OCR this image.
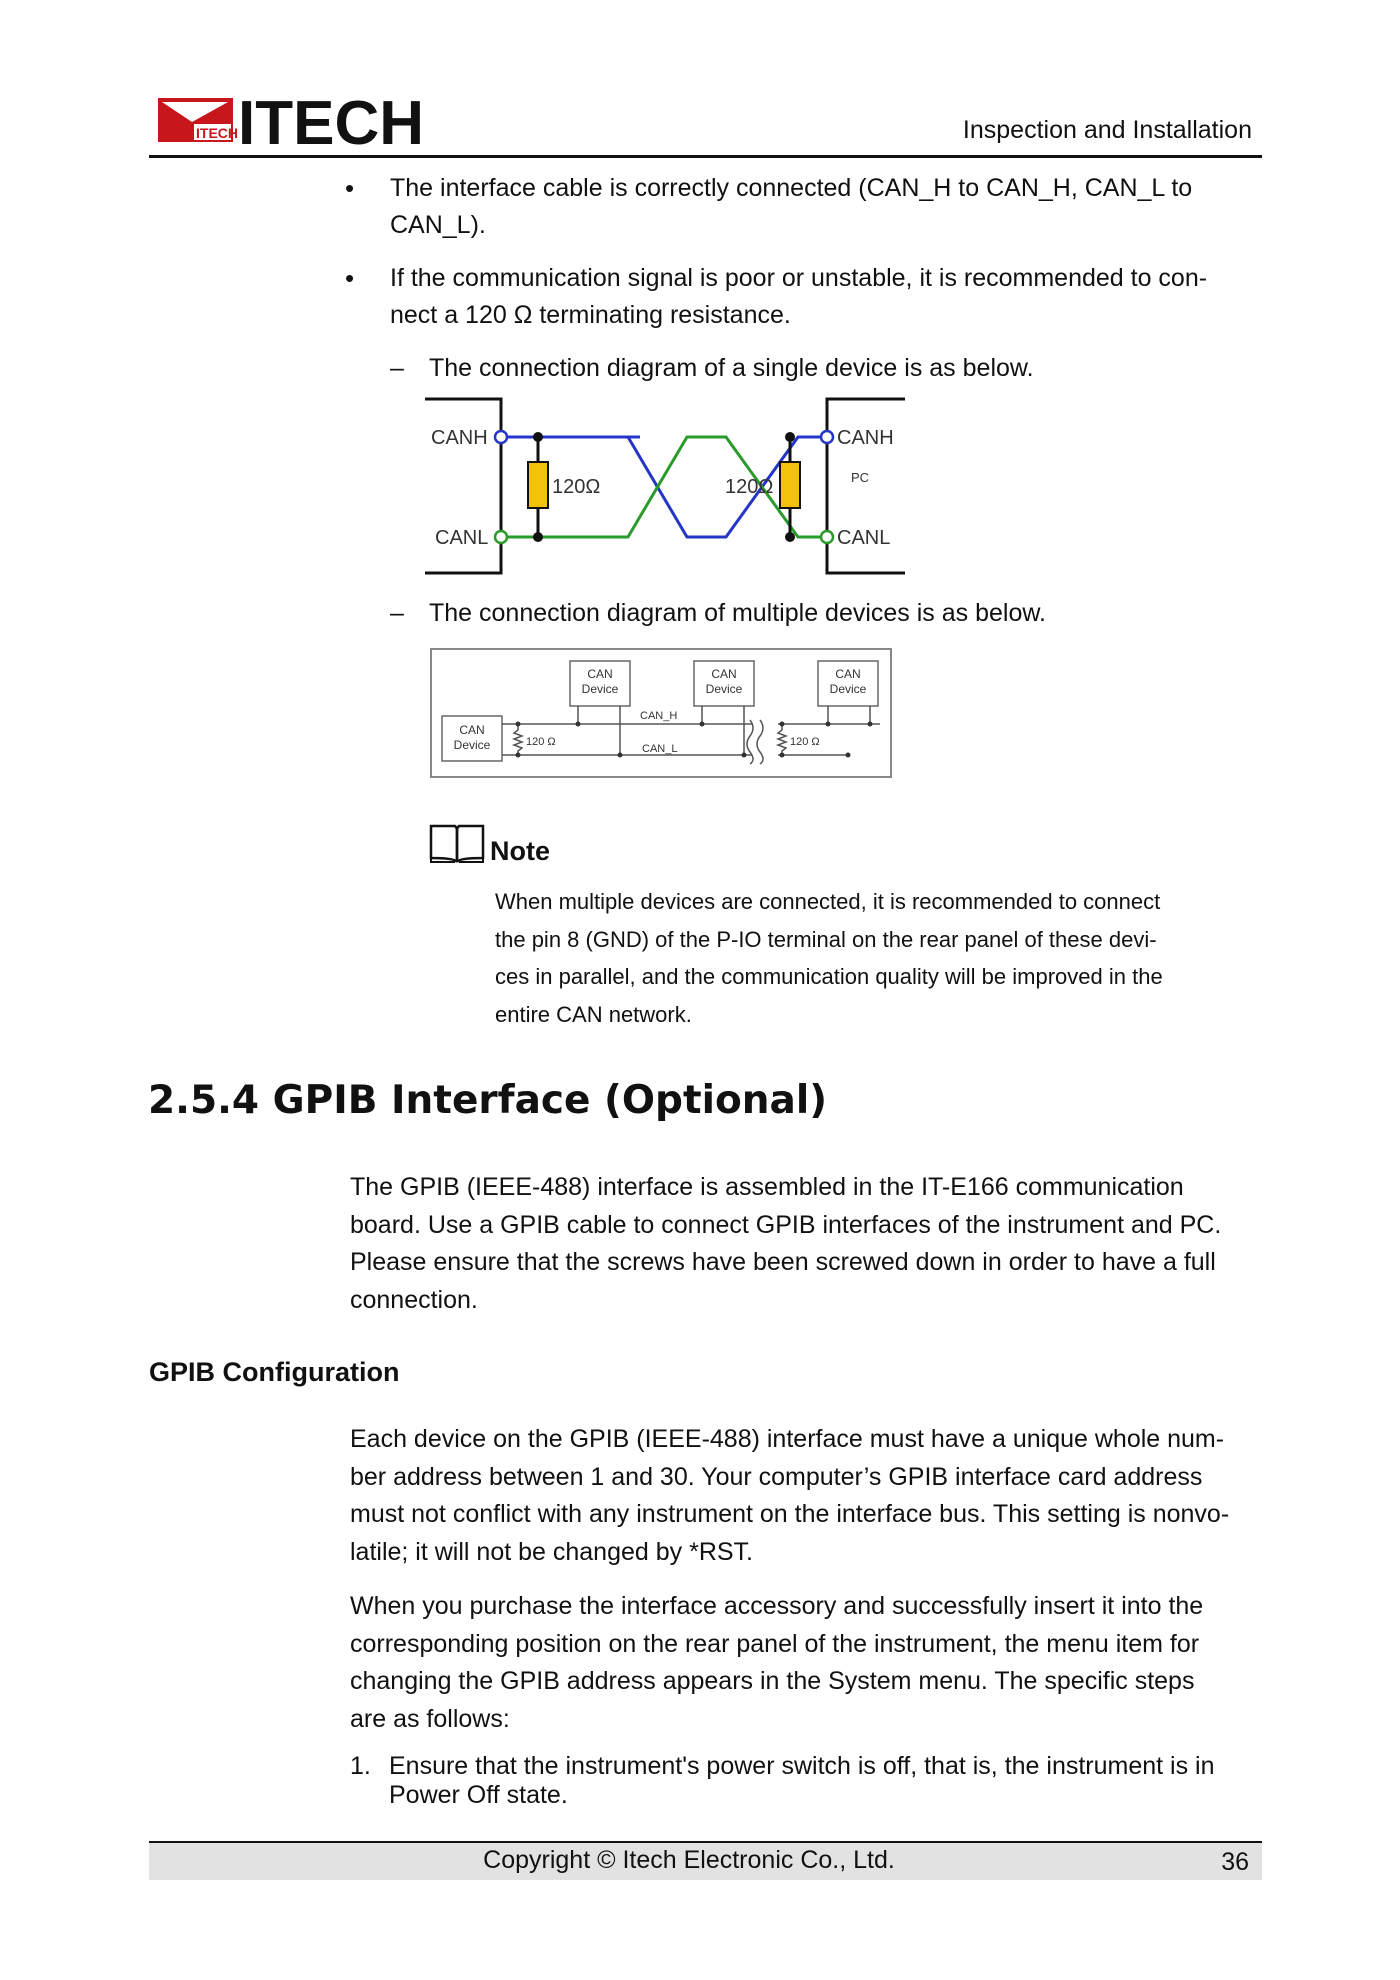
ITECH ITECH	Inspection and Installation
• The interface cable is correctly connected (CAN_H to CAN_H, CAN_L to
CAN_L).
• If the communication signal is poor or unstable, it is recommended to con-
nect a 120 Ω terminating resistance.
– The connection diagram of a single device is as below.
CANH
CANL
CANH
CANL
120Ω	120Ω	PC
– The connection diagram of multiple devices is as below.
CAN
Device
CAN
Device
CAN
Device
CAN
Device
CAN_H
CAN_L
120 Ω	120 Ω
Note
When multiple devices are connected, it is recommended to connect
the pin 8 (GND) of the P-IO terminal on the rear panel of these devi-
ces in parallel, and the communication quality will be improved in the
entire CAN network.
2.5.4 GPIB Interface (Optional)
The GPIB (IEEE-488) interface is assembled in the IT-E166 communication
board. Use a GPIB cable to connect GPIB interfaces of the instrument and PC.
Please ensure that the screws have been screwed down in order to have a full
connection.
GPIB Configuration
Each device on the GPIB (IEEE-488) interface must have a unique whole num-
ber address between 1 and 30. Your computer’s GPIB interface card address
must not conflict with any instrument on the interface bus. This setting is nonvo-
latile; it will not be changed by *RST.
When you purchase the interface accessory and successfully insert it into the
corresponding position on the rear panel of the instrument, the menu item for
changing the GPIB address appears in the System menu. The specific steps
are as follows:
1. Ensure that the instrument's power switch is off, that is, the instrument is in
Power Off state.
Copyright © Itech Electronic Co., Ltd.	36
